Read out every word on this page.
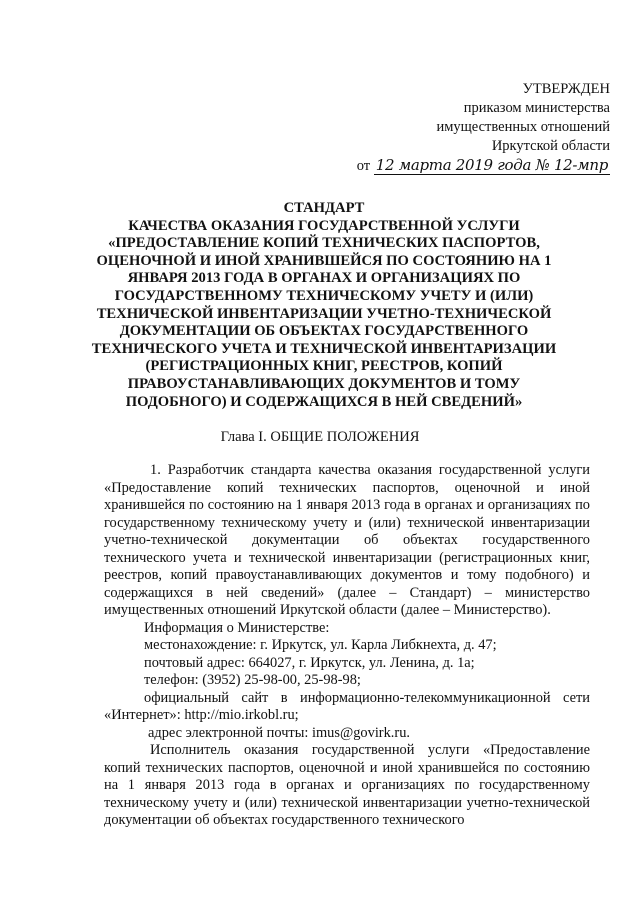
УТВЕРЖДЕН
приказом министерства
имущественных отношений
Иркутской области
от 12 марта 2019 года № 12-мпр
СТАНДАРТ
КАЧЕСТВА ОКАЗАНИЯ ГОСУДАРСТВЕННОЙ УСЛУГИ «ПРЕДОСТАВЛЕНИЕ КОПИЙ ТЕХНИЧЕСКИХ ПАСПОРТОВ, ОЦЕНОЧНОЙ И ИНОЙ ХРАНИВШЕЙСЯ ПО СОСТОЯНИЮ НА 1 ЯНВАРЯ 2013 ГОДА В ОРГАНАХ И ОРГАНИЗАЦИЯХ ПО ГОСУДАРСТВЕННОМУ ТЕХНИЧЕСКОМУ УЧЕТУ И (ИЛИ) ТЕХНИЧЕСКОЙ ИНВЕНТАРИЗАЦИИ УЧЕТНО-ТЕХНИЧЕСКОЙ ДОКУМЕНТАЦИИ ОБ ОБЪЕКТАХ ГОСУДАРСТВЕННОГО ТЕХНИЧЕСКОГО УЧЕТА И ТЕХНИЧЕСКОЙ ИНВЕНТАРИЗАЦИИ (РЕГИСТРАЦИОННЫХ КНИГ, РЕЕСТРОВ, КОПИЙ ПРАВОУСТАНАВЛИВАЮЩИХ ДОКУМЕНТОВ И ТОМУ ПОДОБНОГО) И СОДЕРЖАЩИХСЯ В НЕЙ СВЕДЕНИЙ»
Глава I. ОБЩИЕ ПОЛОЖЕНИЯ

1. Разработчик стандарта качества оказания государственной услуги «Предоставление копий технических паспортов, оценочной и иной хранившейся по состоянию на 1 января 2013 года в органах и организациях по государственному техническому учету и (или) технической инвентаризации учетно-технической документации об объектах государственного технического учета и технической инвентаризации (регистрационных книг, реестров, копий правоустанавливающих документов и тому подобного) и содержащихся в ней сведений» (далее – Стандарт) – министерство имущественных отношений Иркутской области (далее – Министерство).

Информация о Министерстве:

местонахождение: г. Иркутск, ул. Карла Либкнехта, д. 47;

почтовый адрес: 664027, г. Иркутск, ул. Ленина, д. 1а;

телефон: (3952) 25-98-00, 25-98-98;

официальный сайт в информационно-телекоммуникационной сети «Интернет»: http://mio.irkobl.ru;

адрес электронной почты: imus@govirk.ru.

Исполнитель оказания государственной услуги «Предоставление копий технических паспортов, оценочной и иной хранившейся по состоянию на 1 января 2013 года в органах и организациях по государственному техническому учету и (или) технической инвентаризации учетно-технической документации об объектах государственного технического
